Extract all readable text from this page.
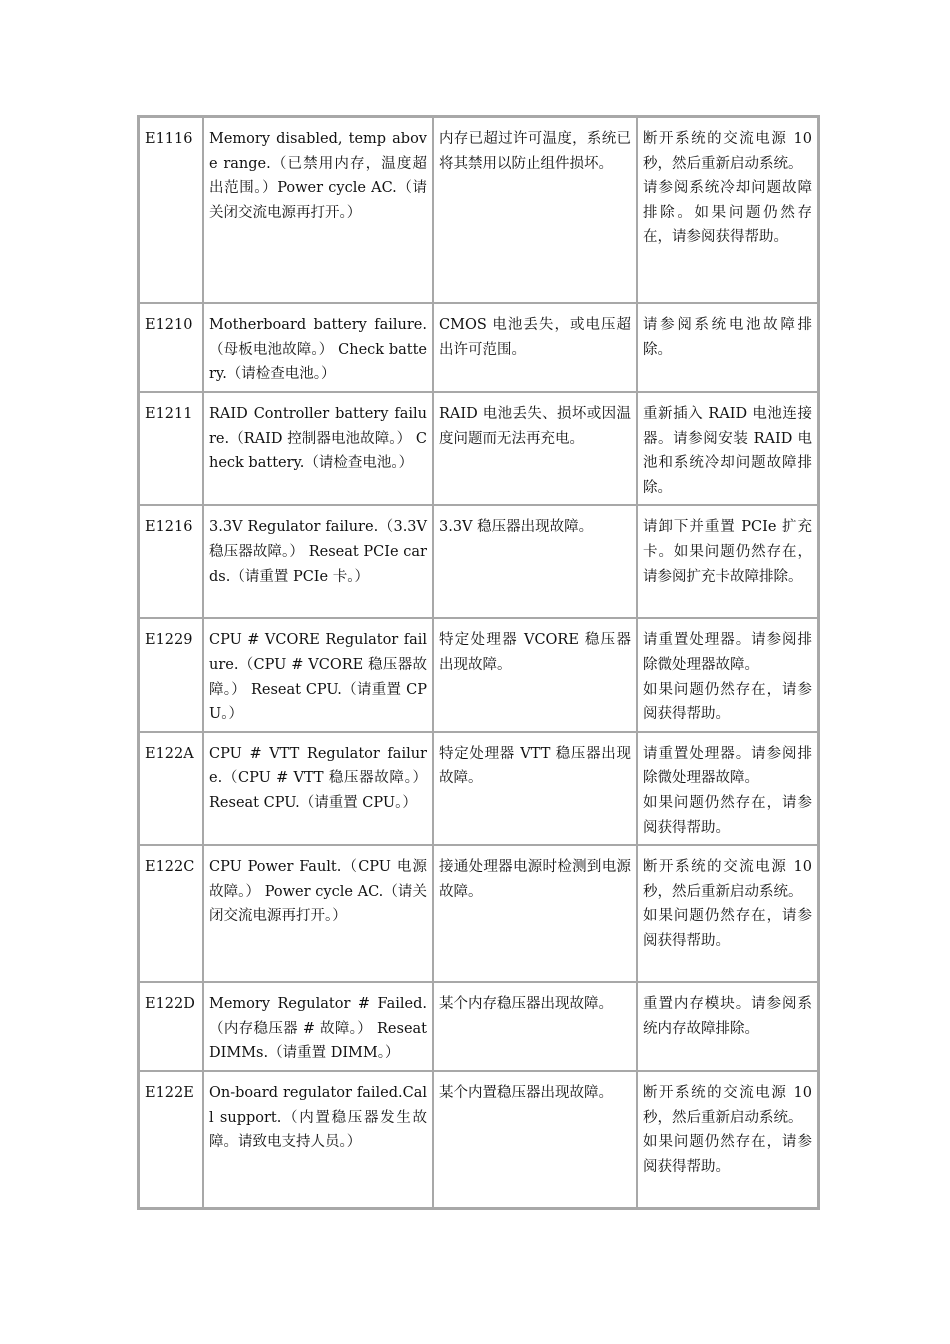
E1116	Memory disabled, temp above range.（已禁用内存，温度超出范围。）Power cycle AC.（请关闭交流电源再打开。）	内存已超过许可温度，系统已将其禁用以防止组件损坏。	断开系统的交流电源 10 秒，然后重新启动系统。
请参阅系统冷却问题故障排除。如果问题仍然存在，请参阅获得帮助。

E1210	Motherboard battery failure.（母板电池故障。） Check battery.（请检查电池。）	CMOS 电池丢失，或电压超出许可范围。	请参阅系统电池故障排除。

E1211	RAID Controller battery failure.（RAID 控制器电池故障。） Check battery.（请检查电池。）	RAID 电池丢失、损坏或因温度问题而无法再充电。	重新插入 RAID 电池连接器。请参阅安装 RAID 电池和系统冷却问题故障排除。

E1216	3.3V Regulator failure.（3.3V 稳压器故障。） Reseat PCIe cards.（请重置 PCIe 卡。）	3.3V 稳压器出现故障。	请卸下并重置 PCIe 扩充卡。如果问题仍然存在，请参阅扩充卡故障排除。

E1229	CPU # VCORE Regulator failure.（CPU # VCORE 稳压器故障。） Reseat CPU.（请重置 CPU。）	特定处理器 VCORE 稳压器出现故障。	请重置处理器。请参阅排除微处理器故障。
如果问题仍然存在，请参阅获得帮助。

E122A	CPU # VTT Regulator failure.（CPU # VTT 稳压器故障。）Reseat CPU.（请重置 CPU。）	特定处理器 VTT 稳压器出现故障。	请重置处理器。请参阅排除微处理器故障。
如果问题仍然存在，请参阅获得帮助。

E122C	CPU Power Fault.（CPU 电源故障。） Power cycle AC.（请关闭交流电源再打开。）	接通处理器电源时检测到电源故障。	断开系统的交流电源 10 秒，然后重新启动系统。
如果问题仍然存在，请参阅获得帮助。

E122D	Memory Regulator # Failed.（内存稳压器 # 故障。） Reseat DIMMs.（请重置 DIMM。）	某个内存稳压器出现故障。	重置内存模块。请参阅系统内存故障排除。

E122E	On-board regulator failed.Call support.（内置稳压器发生故障。请致电支持人员。）	某个内置稳压器出现故障。	断开系统的交流电源 10 秒，然后重新启动系统。
如果问题仍然存在，请参阅获得帮助。
